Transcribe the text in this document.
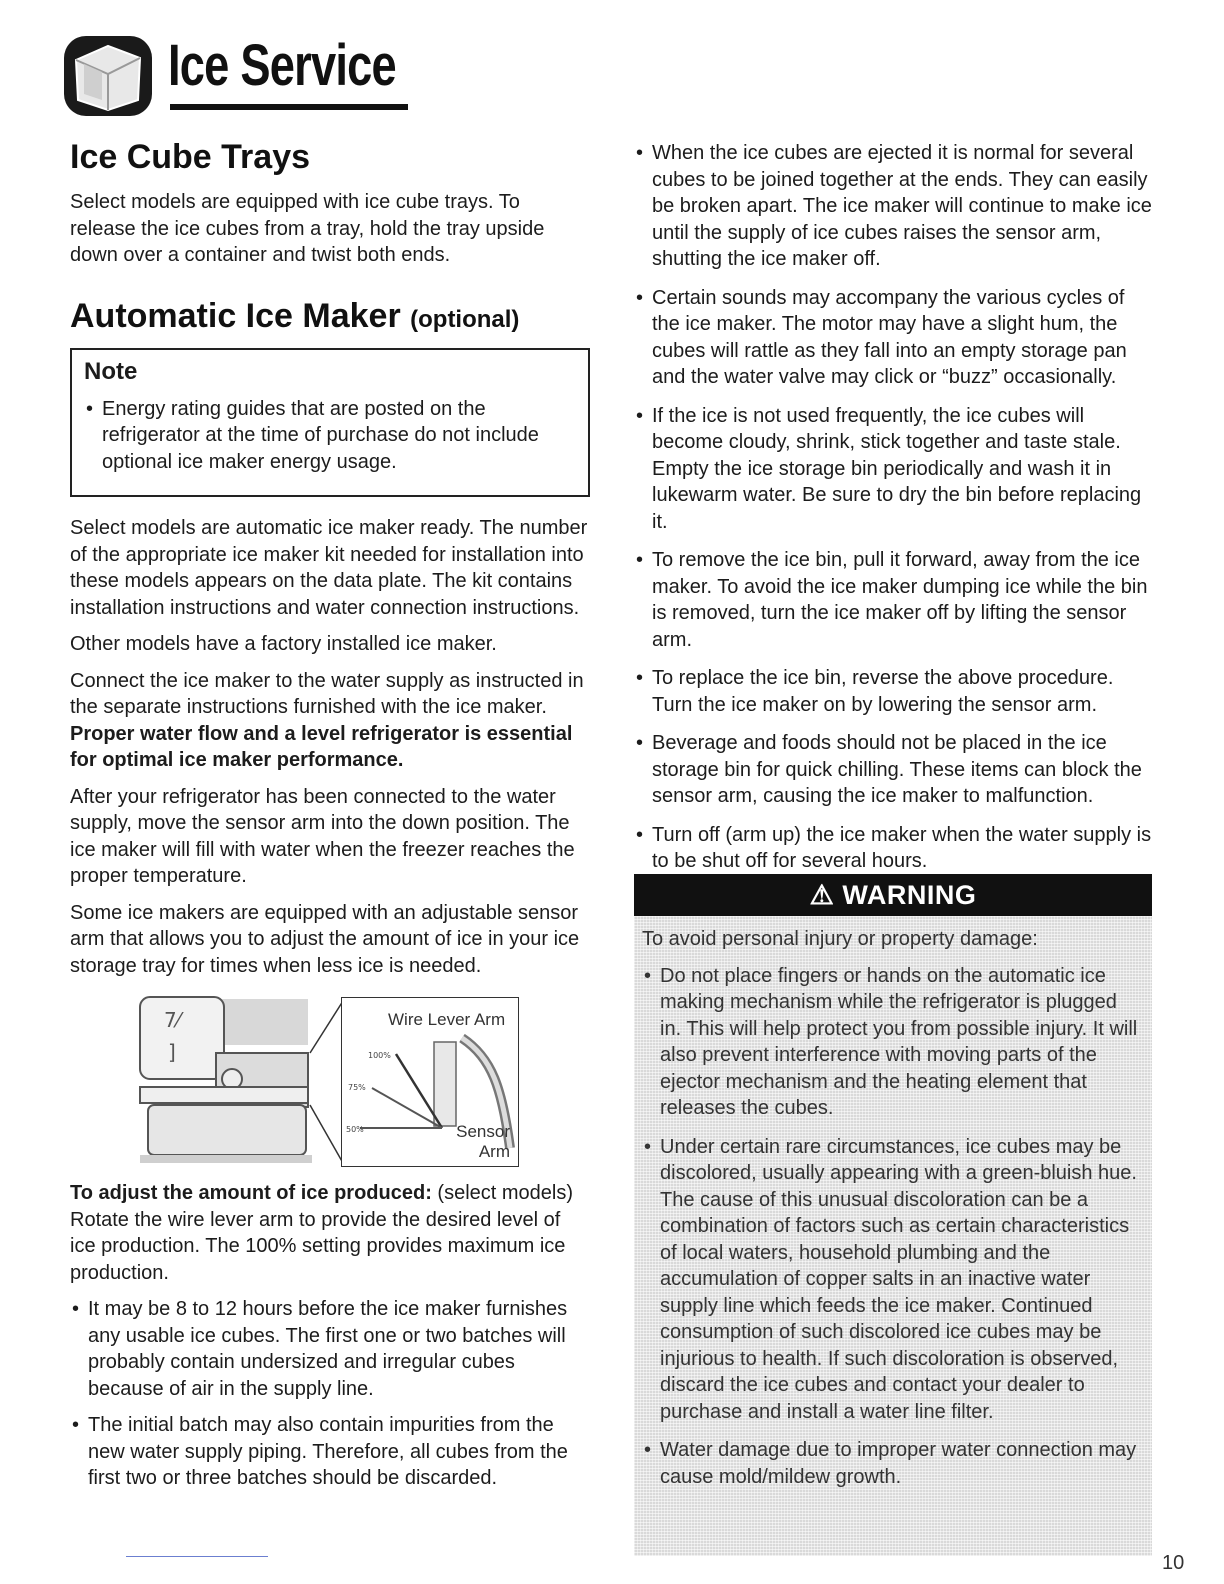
Ice Service
Ice Cube Trays

Select models are equipped with ice cube trays. To release the ice cubes from a tray, hold the tray upside down over a container and twist both ends.

Automatic Ice Maker (optional)
Note
• Energy rating guides that are posted on the refrigerator at the time of purchase do not include optional ice maker energy usage.

Select models are automatic ice maker ready. The number of the appropriate ice maker kit needed for installation into these models appears on the data plate. The kit contains installation instructions and water connection instructions.

Other models have a factory installed ice maker.

Connect the ice maker to the water supply as instructed in the separate instructions furnished with the ice maker. Proper water flow and a level refrigerator is essential for optimal ice maker performance.

After your refrigerator has been connected to the water supply, move the sensor arm into the down position. The ice maker will fill with water when the freezer reaches the proper temperature.

Some ice makers are equipped with an adjustable sensor arm that allows you to adjust the amount of ice in your ice storage tray for times when less ice is needed.

7⁄
]	100%
75%
50%
Wire Lever Arm
Sensor
Arm

To adjust the amount of ice produced: (select models) Rotate the wire lever arm to provide the desired level of ice production. The 100% setting provides maximum ice production.

• It may be 8 to 12 hours before the ice maker furnishes any usable ice cubes. The first one or two batches will probably contain undersized and irregular cubes because of air in the supply line.
• The initial batch may also contain impurities from the new water supply piping. Therefore, all cubes from the first two or three batches should be discarded.
• When the ice cubes are ejected it is normal for several cubes to be joined together at the ends. They can easily be broken apart. The ice maker will continue to make ice until the supply of ice cubes raises the sensor arm, shutting the ice maker off.
• Certain sounds may accompany the various cycles of the ice maker. The motor may have a slight hum, the cubes will rattle as they fall into an empty storage pan and the water valve may click or “buzz” occasionally.
• If the ice is not used frequently, the ice cubes will become cloudy, shrink, stick together and taste stale. Empty the ice storage bin periodically and wash it in lukewarm water. Be sure to dry the bin before replacing it.
• To remove the ice bin, pull it forward, away from the ice maker. To avoid the ice maker dumping ice while the bin is removed, turn the ice maker off by lifting the sensor arm.
• To replace the ice bin, reverse the above procedure. Turn the ice maker on by lowering the sensor arm.
• Beverage and foods should not be placed in the ice storage bin for quick chilling. These items can block the sensor arm, causing the ice maker to malfunction.
• Turn off (arm up) the ice maker when the water supply is to be shut off for several hours.
⚠ WARNING

To avoid personal injury or property damage:

• Do not place fingers or hands on the automatic ice making mechanism while the refrigerator is plugged in. This will help protect you from possible injury. It will also prevent interference with moving parts of the ejector mechanism and the heating element that releases the cubes.
• Under certain rare circumstances, ice cubes may be discolored, usually appearing with a green-bluish hue. The cause of this unusual discoloration can be a combination of factors such as certain characteristics of local waters, household plumbing and the accumulation of copper salts in an inactive water supply line which feeds the ice maker. Continued consumption of such discolored ice cubes may be injurious to health. If such discoloration is observed, discard the ice cubes and contact your dealer to purchase and install a water line filter.
• Water damage due to improper water connection may cause mold/mildew growth.
10
